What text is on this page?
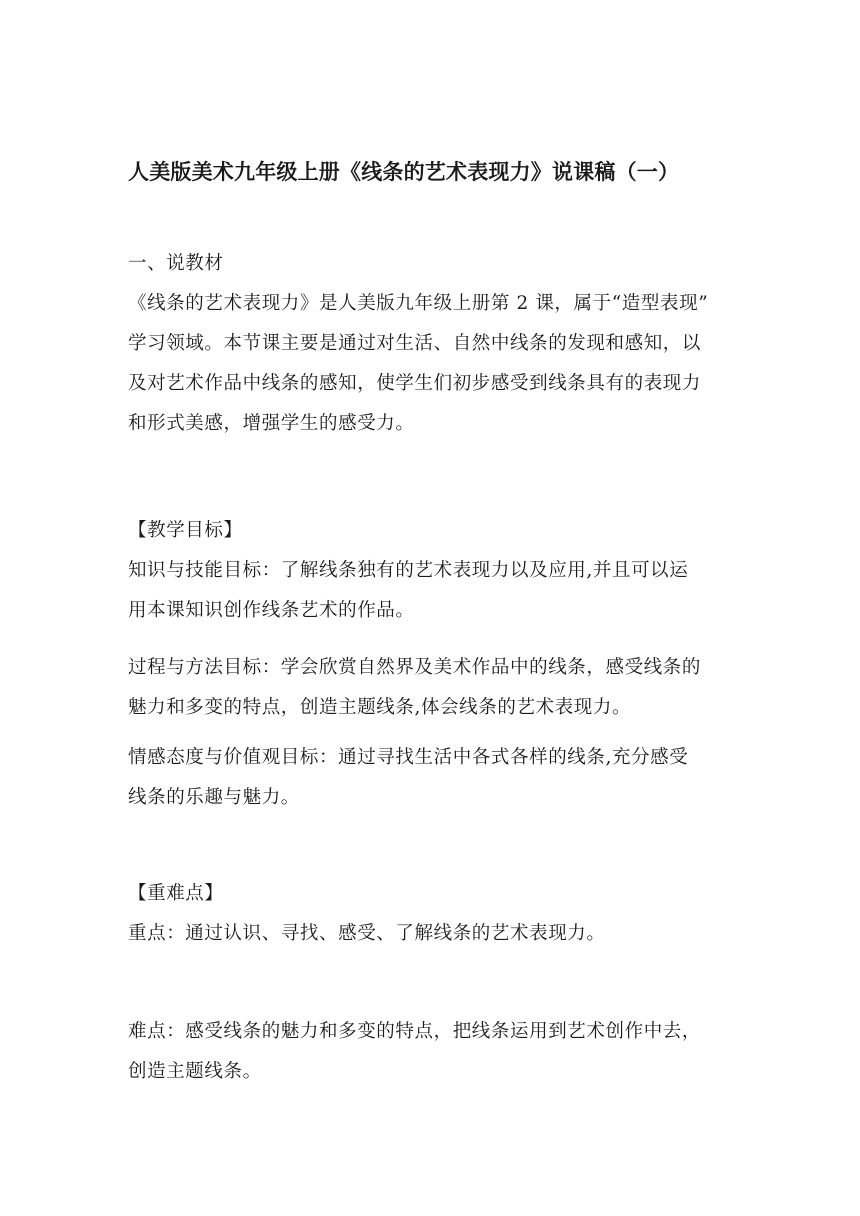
人美版美术九年级上册《线条的艺术表现力》说课稿（一）
一、说教材
《线条的艺术表现力》是人美版九年级上册第 2 课，属于“造型表现”
学习领域。本节课主要是通过对生活、自然中线条的发现和感知，以
及对艺术作品中线条的感知，使学生们初步感受到线条具有的表现力
和形式美感，增强学生的感受力。
【教学目标】
知识与技能目标：了解线条独有的艺术表现力以及应用,并且可以运
用本课知识创作线条艺术的作品。
过程与方法目标：学会欣赏自然界及美术作品中的线条，感受线条的
魅力和多变的特点，创造主题线条,体会线条的艺术表现力。
情感态度与价值观目标：通过寻找生活中各式各样的线条,充分感受
线条的乐趣与魅力。
【重难点】
重点：通过认识、寻找、感受、了解线条的艺术表现力。
难点：感受线条的魅力和多变的特点，把线条运用到艺术创作中去，
创造主题线条。
